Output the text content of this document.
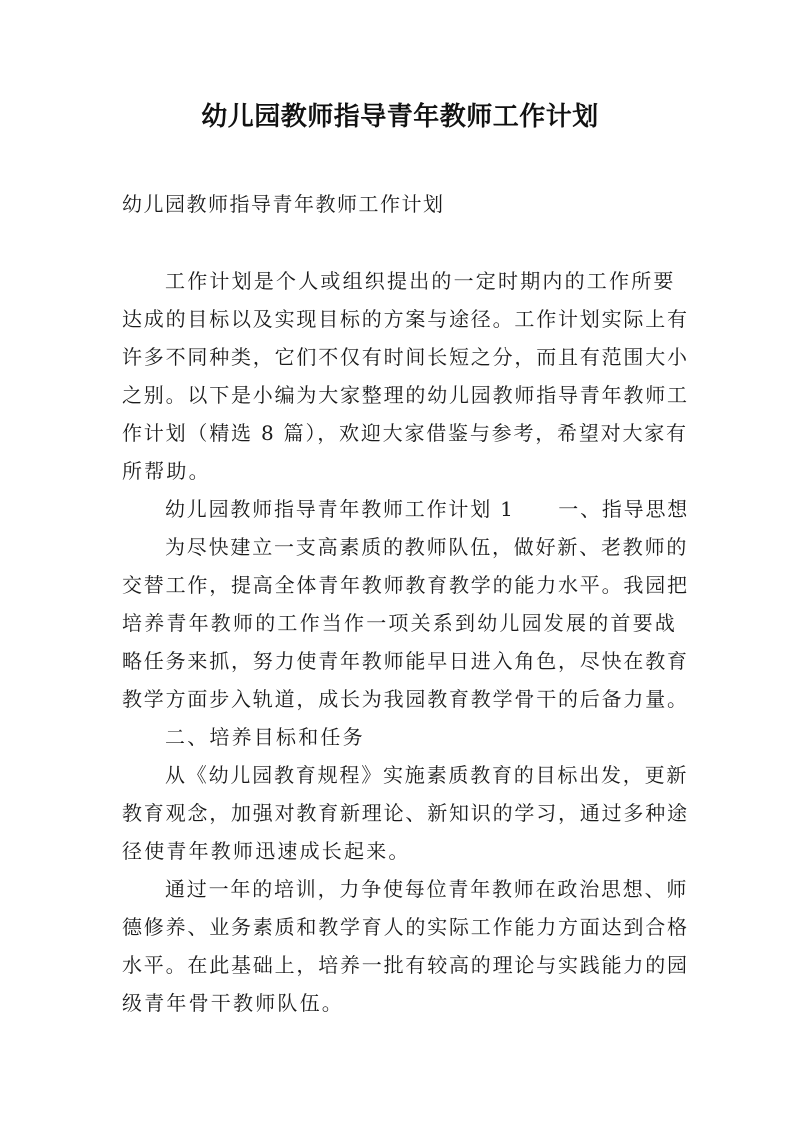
幼儿园教师指导青年教师工作计划
幼儿园教师指导青年教师工作计划
工作计划是个人或组织提出的一定时期内的工作所要
达成的目标以及实现目标的方案与途径。工作计划实际上有
许多不同种类，它们不仅有时间长短之分，而且有范围大小
之别。以下是小编为大家整理的幼儿园教师指导青年教师工
作计划（精选 8 篇），欢迎大家借鉴与参考，希望对大家有
所帮助。
幼儿园教师指导青年教师工作计划 1　　一、指导思想
为尽快建立一支高素质的教师队伍，做好新、老教师的
交替工作，提高全体青年教师教育教学的能力水平。我园把
培养青年教师的工作当作一项关系到幼儿园发展的首要战
略任务来抓，努力使青年教师能早日进入角色，尽快在教育
教学方面步入轨道，成长为我园教育教学骨干的后备力量。
二、培养目标和任务
从《幼儿园教育规程》实施素质教育的目标出发，更新
教育观念，加强对教育新理论、新知识的学习，通过多种途
径使青年教师迅速成长起来。
通过一年的培训，力争使每位青年教师在政治思想、师
德修养、业务素质和教学育人的实际工作能力方面达到合格
水平。在此基础上，培养一批有较高的理论与实践能力的园
级青年骨干教师队伍。
